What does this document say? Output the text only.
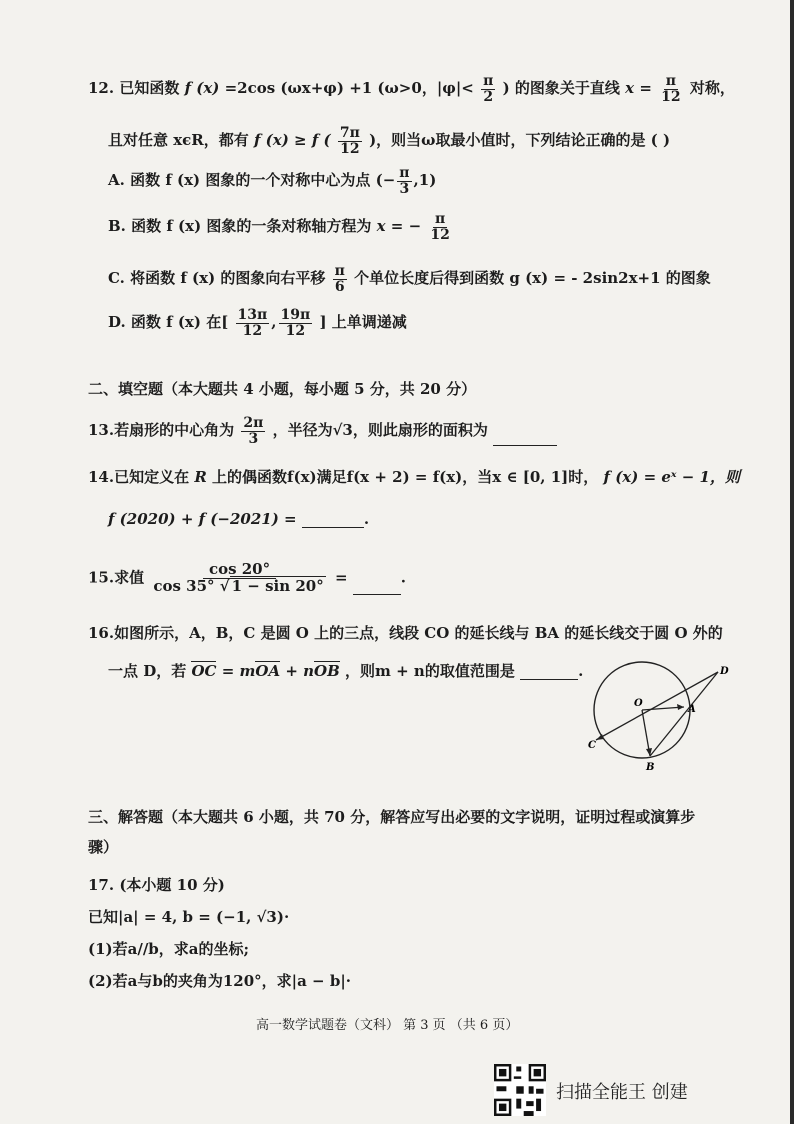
12. 已知函数 f (x) =2cos (ωx+φ) +1 (ω>0，$|\varphi|< \frac{\pi}{2}$ ) 的图象关于直线 $x = \frac{\pi}{12}$ 对称，
且对任意 xϵR，都有 f (x) ≥ f ( $\frac{7\pi}{12}$ )，则当ω取最小值时，下列结论正确的是 ( )
A. 函数 f (x) 图象的一个对称中心为点 (− $\frac{\pi}{3} ,1$)
B. 函数 f (x) 图象的一条对称轴方程为 x = − $\frac{\pi}{12}$
C. 将函数 f (x) 的图象向右平移 $\frac{\pi}{6}$ 个单位长度后得到函数 g (x) = - 2sin2x+1 的图象
D. 函数 f (x) 在[ $\frac{13\pi}{12}$ , $\frac{19\pi}{12}$ ] 上单调递减
二、填空题（本大题共 4 小题，每小题 5 分，共 20 分）
13.若扇形的中心角为 $\frac{2\pi}{3}$ ，半径为√3，则此扇形的面积为
14.已知定义在 R 上的偶函数f(x)满足f(x + 2) = f(x)，当x ∈ [0, 1]时， f (x) = eˣ − 1，则
f (2020) + f (−2021) =	.
15.求值 $\frac{\cos 20^\circ}{\cos 35^\circ √ 1 - \sin 20^\circ}$ =	.
16.如图所示，A，B，C 是圆 O 上的三点，线段 CO 的延长线与 BA 的延长线交于圆 O 外的
一点 D，若 OC = mOA + nOB ，则m + n的取值范围是	.	D
O
A
C
B
三、解答题（本大题共 6 小题，共 70 分，解答应写出必要的文字说明，证明过程或演算步
骤）
17. (本小题 10 分)
已知|a| = 4, b = (−1, √3)·
(1)若a//b，求a的坐标;
(2)若a与b的夹角为120°，求|a − b|·
高一数学试题卷（文科） 第 3 页 （共 6 页）
扫描全能王 创建
